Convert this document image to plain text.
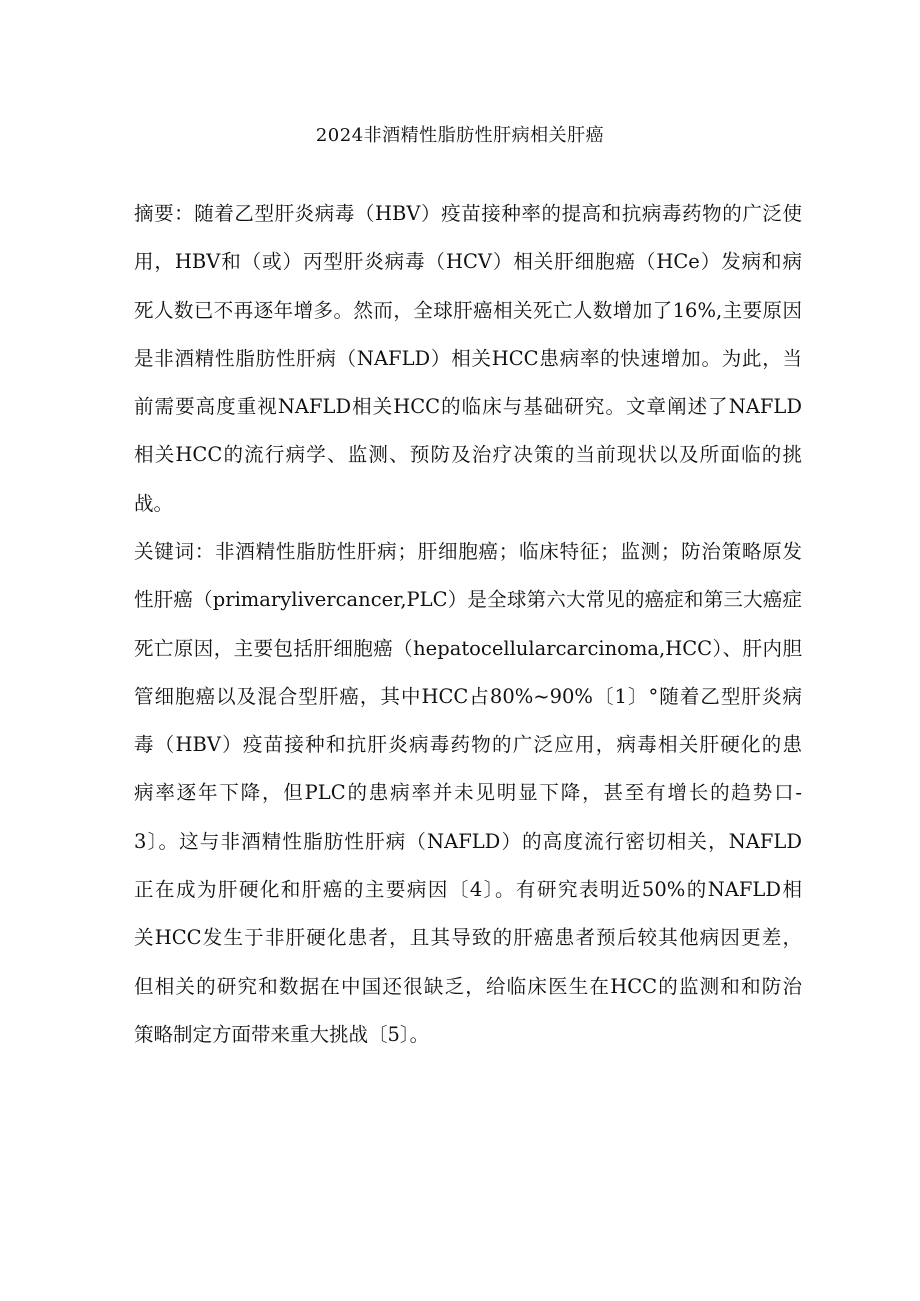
2024非酒精性脂肪性肝病相关肝癌
摘要：随着乙型肝炎病毒（HBV）疫苗接种率的提高和抗病毒药物的广泛使
用，HBV和（或）丙型肝炎病毒（HCV）相关肝细胞癌（HCe）发病和病
死人数已不再逐年增多。然而，全球肝癌相关死亡人数增加了16%,主要原因
是非酒精性脂肪性肝病（NAFLD）相关HCC患病率的快速增加。为此，当
前需要高度重视NAFLD相关HCC的临床与基础研究。文章阐述了NAFLD
相关HCC的流行病学、监测、预防及治疗决策的当前现状以及所面临的挑
战。
关键词：非酒精性脂肪性肝病；肝细胞癌；临床特征；监测；防治策略原发
性肝癌（primarylivercancer,PLC）是全球第六大常见的癌症和第三大癌症
死亡原因，主要包括肝细胞癌（hepatocellularcarcinoma,HCC）、肝内胆
管细胞癌以及混合型肝癌，其中HCC占80%~90%〔1〕°随着乙型肝炎病
毒（HBV）疫苗接种和抗肝炎病毒药物的广泛应用，病毒相关肝硬化的患
病率逐年下降，但PLC的患病率并未见明显下降，甚至有增长的趋势口-
3〕。这与非酒精性脂肪性肝病（NAFLD）的高度流行密切相关，NAFLD
正在成为肝硬化和肝癌的主要病因〔4〕。有研究表明近50%的NAFLD相
关HCC发生于非肝硬化患者，且其导致的肝癌患者预后较其他病因更差，
但相关的研究和数据在中国还很缺乏，给临床医生在HCC的监测和和防治
策略制定方面带来重大挑战〔5〕。
